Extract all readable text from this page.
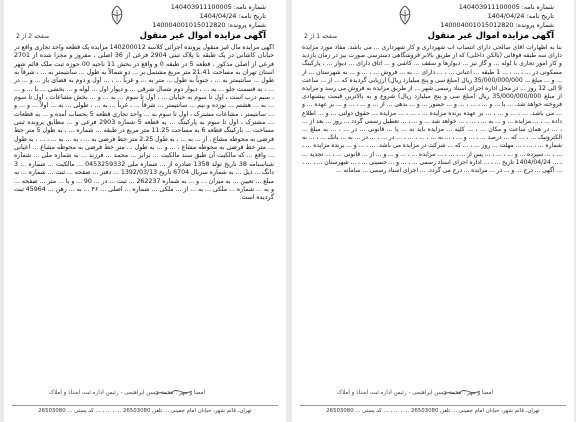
شماره نامه: 140403911100005
تاریخ نامه: 1404/04/24
شماره پرونده: 140004001015012820
صفحه 2 از 2	آگهی مزایده اموال غیر منقول

آگهی مزایده مال غیر منقول پرونده اجرائی کلاسه 140200012 مزایده یک قطعه واحد تجاری واقع در خیابان کاشانی در یک طبقه با پلاک ثبتی 2904 فرعی از 36 اصلی ، مفروز و مجزا شده از 2701 فرعی از اصلی مذکور ، قطعه 5 در طبقه 0 و واقع در بخش 11 ناحیه 00 حوزه ثبت ملک قائم شهر استان تهران به مساحت 21.41 متر مربع مشتمل بر ... دو شمالاً به طول ... سانتیمتر به ... ، شرقاً به طول ... سانتیمتر به ... ، جنوباً به طول ... متر به ... و غرباً ... ، ... اول و دوم به فضای باز ... و ... در ... ، به قسمت جلو ... به ... ، دیوار دوم شمال شرقی ... و دیوار اول ... لوله و ... بخشی ... با ... و ... ، سیم درب است ، اول تا سوم به خیابان ... ، اول تا سوم ... به ... و ... بخش مشاعات ، اول تا سوم ... به ... هشتم ... نوزده و نیم ... سانتیمتر ... شرقاً ... ، غرباً ... به ... ، طولی ... به ... اولاً ... و ... و ... سانتیمتر ، مشاعات مشترک ، اول تا سوم به ... واحد تجاری قطعه 5 بحساب آمده و ... به قطعات ... مشترک ، اول تا سوم به پارکینگ ... به قطعه 5 شماره 2903 فرعی و ... مطابق پرونده ثبتی مساحت ... بارکینگ قطعه 6 به مساحت 11.25 متر مربع در طبقه ... شماره ... ، به طول 5 متر خط فرضی به محوطه مشاع ، از ... به ... ، به طول 2.25 متر خط فرضی به ... ، به ... به ... ، ... ، به طول ... متر خط فرضی به محوطه مشاع ، ... و ... به طول ... متر خط فرضی به محوطه مشاع ... اعیانی ... واقع ... که مالکیت آن طبق سند مالکیت ... برابر ... محمد ... فرزند ... به شماره ملی ... شماره شناسنامه 38 تاریخ تولد 1358 صادره از ... شماره ملی 0453259332 ... مالکیت ... شماره ... 3 دانگ ... ذیل ... به شماره سریال 6704 تاریخ 1392/03/13 ... دفتر ... صفحه ... ثبت ... شماره ... به مبلغ ... تعیین ... به میزان ... و ... به شماره 262237 ... ثبت ... در ... 90 ... و با ... متر ... صفحه ... و به ... شماره ... ملکی ... به ... از ... ملکی ... شماره ... اصلی ... ۴۶ ... به ... رهن ... 45964 ثبت گردیده است.

امضا و مهر : محمد حسن ابراهیمی - رئیس اداره ثبت اسناد و املاک
تهران، قائم شهر، خیابان امام خمینی ... تلفن 26503080 ... ، ... ، ... کد پستی ... 26503080
شماره نامه: 140403911100005
تاریخ نامه: 1404/04/24
شماره پرونده: 140004001015012820
صفحه 1 از 2	آگهی مزایده اموال غیر منقول

بنا به اظهارات آقای صالحی دارای انتصاب آب شهرداری و کار شهرداری ... می باشد. مفاد مورد مزایده دارای سه طبقه فوقانی (بالکن داخلی) که از طریق بالابر فروشگاهی دسترسی صورت نیز در زمان بازدید و کار امور تجاری با لوله ... و گاز نیز ... دیوارها و سقف ... کاشی و ... اتاق دارای ... دیوار ... ، پارکینگ مسکونی در ... ، ... ، ... 1 طبقه ... اعیانی ... ، ... دارای ... به ... فروش ... ، ... و ... به شهرستان ... از ... و ... مبلغ ... 35/000/000/000 ریال (مبلغ سی و پنج میلیارد ریال) ارزیابی گردیده که ... از ... ساعت 9 الی 12 روز ... در محل اداره اجرای اسناد رسمی شهر ... از طریق مزایده به فروش می رسد و مزایده از مبلغ 35/000/000/000 ریال (مبلغ سی و پنج میلیارد ریال) شروع و به بالاترین قیمت پیشنهادی فروخته خواهد شد. ... با ... و ... ، ... ، ... و ... حضور ... و ... بدهی ... از ... و ... ، ... و ... بر عهده ... و ... می باشد. ... ، ... و ... ، ... بر عهده برنده مزایده ... ، ... ، ... مزایده ... حقوق دولتی ... و ... اطلاع داده ... ، ... مزایده ... و ... به ... ، ... ، ... خواهد شد ... و ... ، ... تعطیل رسمی گردد ... روز ... بعد از ... ، ... در همان ساعت و مکان ... ، ... کلیه ... مزایده باید به ... یا ... قانونی ... در ... ، ... به مبلغ ... الکترونیک ... ، ... که ... درصد ... ، ... و ... ، ... به ... ، ... ، ... ، ... در ... ، ... در ... به ... بانک ... ، ... به شماره ... ، ... ، ... مهلت ... روز ... ، ... که ... شرکت در مزایده می باشد. ... ، ... و ... برنده مزایده ... ، ... ، ... سپرده ... و ... ، ... ، ... پس از ... ، ... ، ... مزایده ... ، ... و ... و ... از ... قانونی ... ، ... تجدید ... ، ... 1404/04/24 تاریخ ... ، ... اداره اجرای اسناد رسمی ... ، ... و ... حسینی ... ، ... شهرستان ... ، ... ، ... آگهی ... درج ... و ... در ... مزایده ... درج می گردد. ... اجرای اسناد رسمی ... سامانه ...

امضا و مهر : محمد حسن ابراهیمی - رئیس اداره ثبت اسناد و املاک
تهران، قائم شهر، خیابان امام خمینی ... تلفن 26503080 ... ، ... ، ... کد پستی ... 26503080
